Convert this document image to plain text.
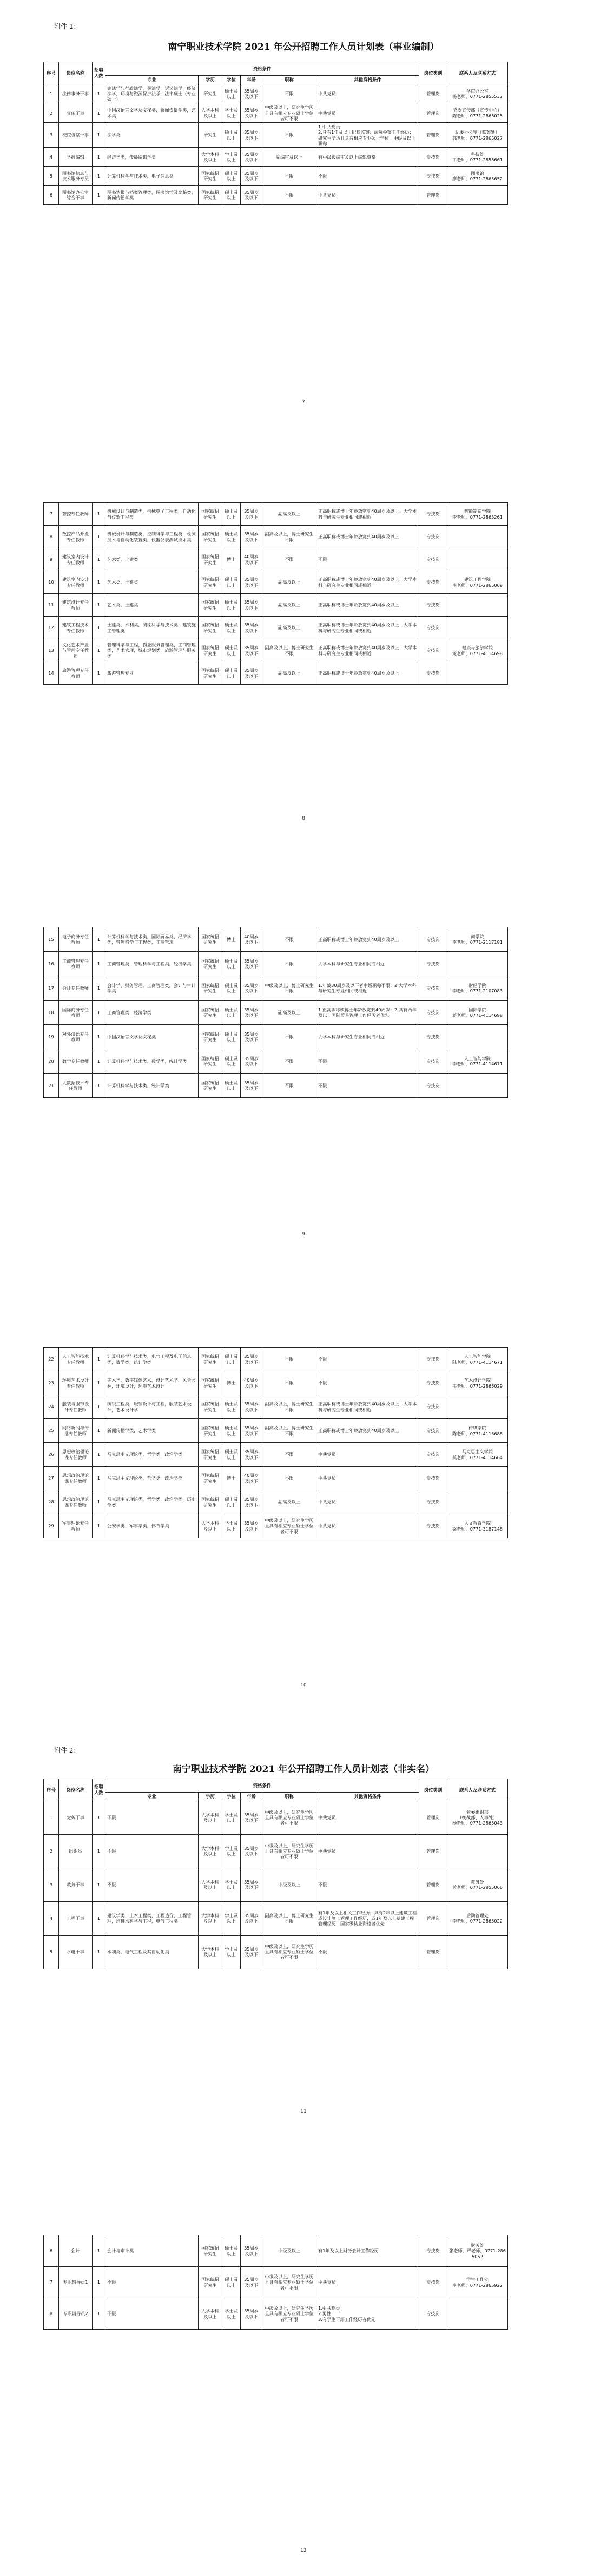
附件 1：
南宁职业技术学院 2021 年公开招聘工作人员计划表（事业编制）
序号	岗位名称	招聘人数	资格条件						岗位类别	联系人及联系方式
			专业	学历	学位	年龄	职称	其他资格条件		
1	法律事务干事	1	宪法学与行政法学，民法学，诉讼法学，经济法学，环境与资源保护法学，法律硕士（专业硕士）	研究生	硕士及以上	35周岁及以下	不限	中共党员	管理岗	学院办公室
杨老师，0771-2855532
2	宣传干事	1	中国汉语言文学及文秘类，新闻传播学类，艺术类	大学本科及以上	学士及以上	35周岁及以下	中级及以上，研究生学历且具有相应专业硕士学位者可不限	中共党员	管理岗	党委宣传部（宣传中心）
陈老师，0771-2865025
3	校院督察干事	1	法学类	研究生	硕士及以上	35周岁及以下	不限	1.中共党员
2.具有1年及以上纪检监察、法院检察工作经历；研究生学历且具有相应专业硕士学位，中级及以上职称	管理岗	纪委办公室（监察处）
郭老师，0771-2865027
4	学报编辑	1	经济学类，传播编辑学类	大学本科及以上	学士及以上	35周岁及以下	副编审及以上	有中级级编审及以上编辑资格	专技岗	科技处
韦老师，0771-2855661
5	图书馆信息与技术服务专员	1	计算机科学与技术类，电子信息类	国家统招研究生	硕士及以上	35周岁及以下	不限	不限	专技岗	图书馆
廖老师，0771-2865652
6	图书馆办公室综合干事	1	图书情报与档案管理类，图书馆学及文秘类，新闻传播学类	国家统招研究生	硕士及以上	35周岁及以下	不限	中共党员	管理岗	
7	智控专任教师	1	机械设计与制造类，机械电子工程类，自动化与仪器工程类	国家统招研究生	硕士及以上	35周岁及以下	副高及以上	正高职称或博士年龄放宽到40周岁及以上；大学本科与研究生专业相同或相近	专技岗	智能制造学院
李老师，0771-2865261
8	数控产品开发专任教师	1	机械设计与制造类，控制科学与工程类，检测技术与自动化装置类，仪器仪表测试技术类	国家统招研究生	硕士及以上	35周岁及以下	副高及以上，博士研究生不限	正高职称或博士年龄放宽到40周岁及以上	专技岗	
9	建筑室内设计专任教师	1	艺术类，土建类	国家统招研究生	博士	40周岁及以下	不限	不限	专技岗	
10	建筑室内设计专任教师	1	艺术类，土建类	国家统招研究生	硕士及以上	35周岁及以下	副高及以上	正高职称或博士年龄放宽到40周岁及以上；大学本科与研究生专业相同或相近	专技岗	建筑工程学院
李老师，0771-2865009
11	建筑设计专任教师	1	艺术类，土建类	国家统招研究生	硕士及以上	35周岁及以下	副高及以上	正高职称或博士年龄放宽到40周岁及以上	专技岗	
12	建筑工程技术专任教师	1	土建类，水利类，测绘科学与技术类，建筑施工管理类	国家统招研究生	硕士及以上	35周岁及以下	副高及以上	正高职称或博士年龄放宽到40周岁及以上；大学本科与研究生专业相同或相近	专技岗	
13	文化艺术产业与管理专任教师	1	管理科学与工程，物业服务管理类，工商管理类，艺术管理，城市规划类，旅游管理与服务类	国家统招研究生	硕士及以上	35周岁及以下	副高及以上，博士研究生不限	正高职称或博士年龄放宽到40周岁及以上；大学本科与研究生专业相同或相近	专技岗	健康与旅游学院
龙老师，0771-4114698
14	旅游管理专任教师	1	旅游管理专业	国家统招研究生	硕士及以上	35周岁及以下	副高及以上	正高职称或博士年龄放宽到40周岁及以上	专技岗	
15	电子商务专任教师	1	计算机科学与技术类，国际贸易类，经济学类，管理科学与工程类，工商管理	国家统招研究生	博士	40周岁及以下	不限	正高职称或博士年龄放宽到40周岁及以上	专技岗	商学院
李老师，0771-2117181
16	工商管理专任教师	1	工商管理类，管理科学与工程类，经济学类	国家统招研究生	硕士及以上	35周岁及以下	不限	大学本科与研究生专业相同或相近	专技岗	
17	会计专任教师	1	会计学，财务管理，工商管理类，会计与审计学类	国家统招研究生	硕士及以上	35周岁及以下	中级及以上，博士研究生不限	1.年龄30周岁及以下者中级职称不限；2.大学本科与研究生专业相同或相近	专技岗	财经学院
李老师，0771-2107083
18	国际商务专任教师	1	工商管理类，经济学类	国家统招研究生	硕士及以上	35周岁及以下	副高及以上	1.正高职称或博士年龄放宽到40周岁；2.具有两年及以上国际贸易管理工作经历者优先	专技岗	国际学院
蒋老师，0771-4114698
19	对外汉语专任教师	1	中国汉语言文学及文秘类	国家统招研究生	硕士及以上	35周岁及以下	不限	大学本科与研究生专业相同或相近	专技岗	
20	数学专任教师	1	计算机科学与技术类，数学类，统计学类	国家统招研究生	硕士及以上	35周岁及以下	不限	不限	专技岗	人工智能学院
李老师，0771-4114671
21	大数据技术专任教师	1	计算机科学与技术类，统计学类	国家统招研究生	硕士及以上	35周岁及以下	不限	不限	专技岗	
22	人工智能技术专任教师	1	计算机科学与技术类，电气工程及电子信息类，数学类，统计学类	国家统招研究生	硕士及以上	35周岁及以下	不限	不限	专技岗	人工智能学院
陆老师，0771-4114671
23	环境艺术设计专任教师	1	美术学，数字媒体艺术，设计艺术学，风景园林，环境设计，环境艺术设计	国家统招研究生	博士	40周岁及以下	不限	不限	专技岗	艺术设计学院
韦老师，0771-2865029
24	服装与服饰设计专任教师	1	纺织工程类，服装设计与工程，服装艺术设计，艺术设计学	国家统招研究生	硕士及以上	35周岁及以下	副高及以上，博士研究生不限	正高职称或博士年龄放宽到40周岁及以上；大学本科与研究生专业相同或相近	专技岗	
25	网络新闻与传播专任教师	1	新闻传播学类，艺术学类	国家统招研究生	硕士及以上	35周岁及以下	副高及以上，博士研究生不限	正高职称或博士年龄放宽到40周岁及以上	专技岗	传媒学院
陈老师，0771-4115688
26	思想政治理论课专任教师	1	马克思主义理论类，哲学类，政治学类	国家统招研究生	硕士及以上	35周岁及以下	不限	中共党员	专技岗	马克思主义学院
莫老师，0771-4114664
27	思想政治理论课专任教师	1	马克思主义理论类，哲学类，政治学类	国家统招研究生	博士	40周岁及以下	不限	中共党员	专技岗	
28	思想政治理论课专任教师	1	马克思主义理论类，哲学类，政治学类，历史学类	国家统招研究生	硕士及以上	35周岁及以下	副高及以上	中共党员	专技岗	
29	军事理论专任教师	1	公安学类，军事学类，体育学类	大学本科及以上	学士及以上	35周岁及以下	中级及以上，研究生学历且具有相应专业硕士学位者可不限	中共党员	专技岗	人文教育学院
梁老师，0771-3187148
7
8
9
10
附件 2：
南宁职业技术学院 2021 年公开招聘工作人员计划表（非实名）
序号	岗位名称	招聘人数	资格条件						岗位类别	联系人及联系方式
			专业	学历	学位	年龄	职称	其他资格条件		
1	党务干事	1	不限	大学本科及以上	学士及以上	35周岁及以下	中级及以上，研究生学历且具有相应专业硕士学位者可不限	中共党员	管理岗	党委组织部
（统战部、人事处）
杨老师，0771-2865043
2	组织员	1	不限	大学本科及以上	学士及以上	35周岁及以下	中级及以上，研究生学历且具有相应专业硕士学位者可不限	中共党员	管理岗	
3	教务干事	1	不限	大学本科及以上	学士及以上	35周岁及以下	中级及以上	不限	管理岗	教务处
黄老师，0771-2855066
4	工程干事	1	建筑学类，土木工程类，工程造价，工程管理，给排水科学与工程，电气工程类	大学本科及以上	学士及以上	35周岁及以下	副高及以上，博士研究生不限	有1年及以上相关工作经历；具有2年以上建筑工程或设计施工管理工作经历，或1年及以上基建工程管理经历，国家级执业资格者优先	管理岗	后勤管理处
李老师，0771-2865022
5	水电干事	1	水利类，电气工程及其自动化类	大学本科及以上	学士及以上	35周岁及以下	中级及以上，研究生学历且具有相应专业硕士学位者可不限	不限	管理岗	
6	会计	1	会计与审计类	国家统招研究生	硕士及以上	35周岁及以下	中级及以上	有1年及以上财务会计工作经历	专技岗	财务处
张老师，严老师，0771-2865052
7	专职辅导员1	1	不限	国家统招研究生	硕士及以上	35周岁及以下	中级及以上，研究生学历且具有相应专业硕士学位者可不限	中共党员	专技岗	学生工作处
李老师，0771-2865922
8	专职辅导员2	1	不限	大学本科及以上	学士及以上	35周岁及以下	中级及以上，研究生学历且具有相应专业硕士学位者可不限	1.中共党员
2.男性
3.有学生干部工作经历者优先	专技岗	
11
12
